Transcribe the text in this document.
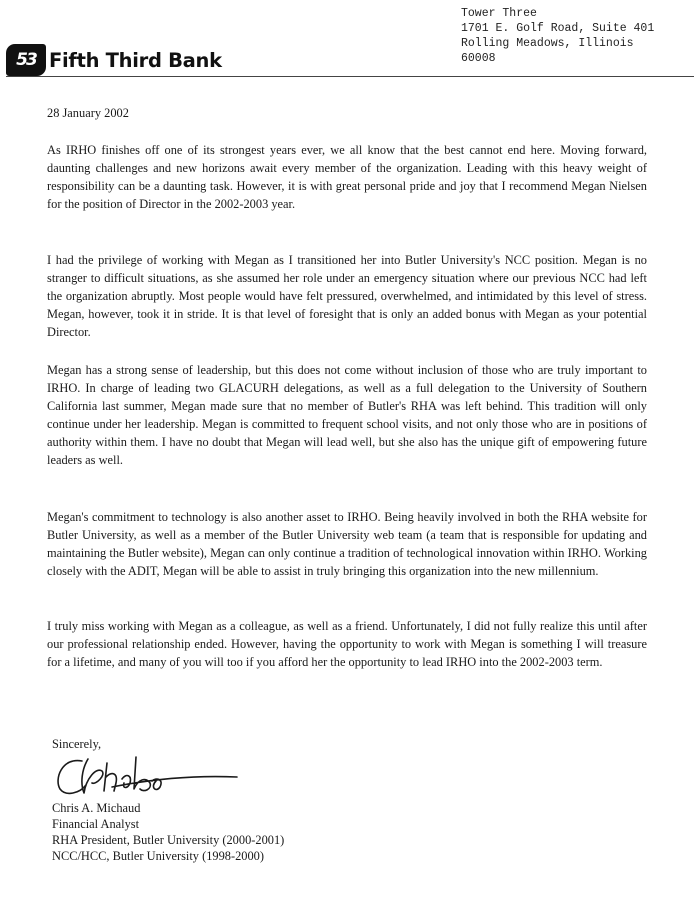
Tower Three
1701 E. Golf Road, Suite 401
Rolling Meadows, Illinois
60008
53 Fifth Third Bank
28 January 2002

As IRHO finishes off one of its strongest years ever, we all know that the best cannot end here. Moving forward, daunting challenges and new horizons await every member of the organization. Leading with this heavy weight of responsibility can be a daunting task. However, it is with great personal pride and joy that I recommend Megan Nielsen for the position of Director in the 2002-2003 year.

I had the privilege of working with Megan as I transitioned her into Butler University's NCC position. Megan is no stranger to difficult situations, as she assumed her role under an emergency situation where our previous NCC had left the organization abruptly. Most people would have felt pressured, overwhelmed, and intimidated by this level of stress. Megan, however, took it in stride. It is that level of foresight that is only an added bonus with Megan as your potential Director.

Megan has a strong sense of leadership, but this does not come without inclusion of those who are truly important to IRHO. In charge of leading two GLACURH delegations, as well as a full delegation to the University of Southern California last summer, Megan made sure that no member of Butler's RHA was left behind. This tradition will only continue under her leadership. Megan is committed to frequent school visits, and not only those who are in positions of authority within them. I have no doubt that Megan will lead well, but she also has the unique gift of empowering future leaders as well.

Megan's commitment to technology is also another asset to IRHO. Being heavily involved in both the RHA website for Butler University, as well as a member of the Butler University web team (a team that is responsible for updating and maintaining the Butler website), Megan can only continue a tradition of technological innovation within IRHO. Working closely with the ADIT, Megan will be able to assist in truly bringing this organization into the new millennium.

I truly miss working with Megan as a colleague, as well as a friend. Unfortunately, I did not fully realize this until after our professional relationship ended. However, having the opportunity to work with Megan is something I will treasure for a lifetime, and many of you will too if you afford her the opportunity to lead IRHO into the 2002-2003 term.

Sincerely,
Chris A. Michaud
Financial Analyst
RHA President, Butler University (2000-2001)
NCC/HCC, Butler University (1998-2000)
